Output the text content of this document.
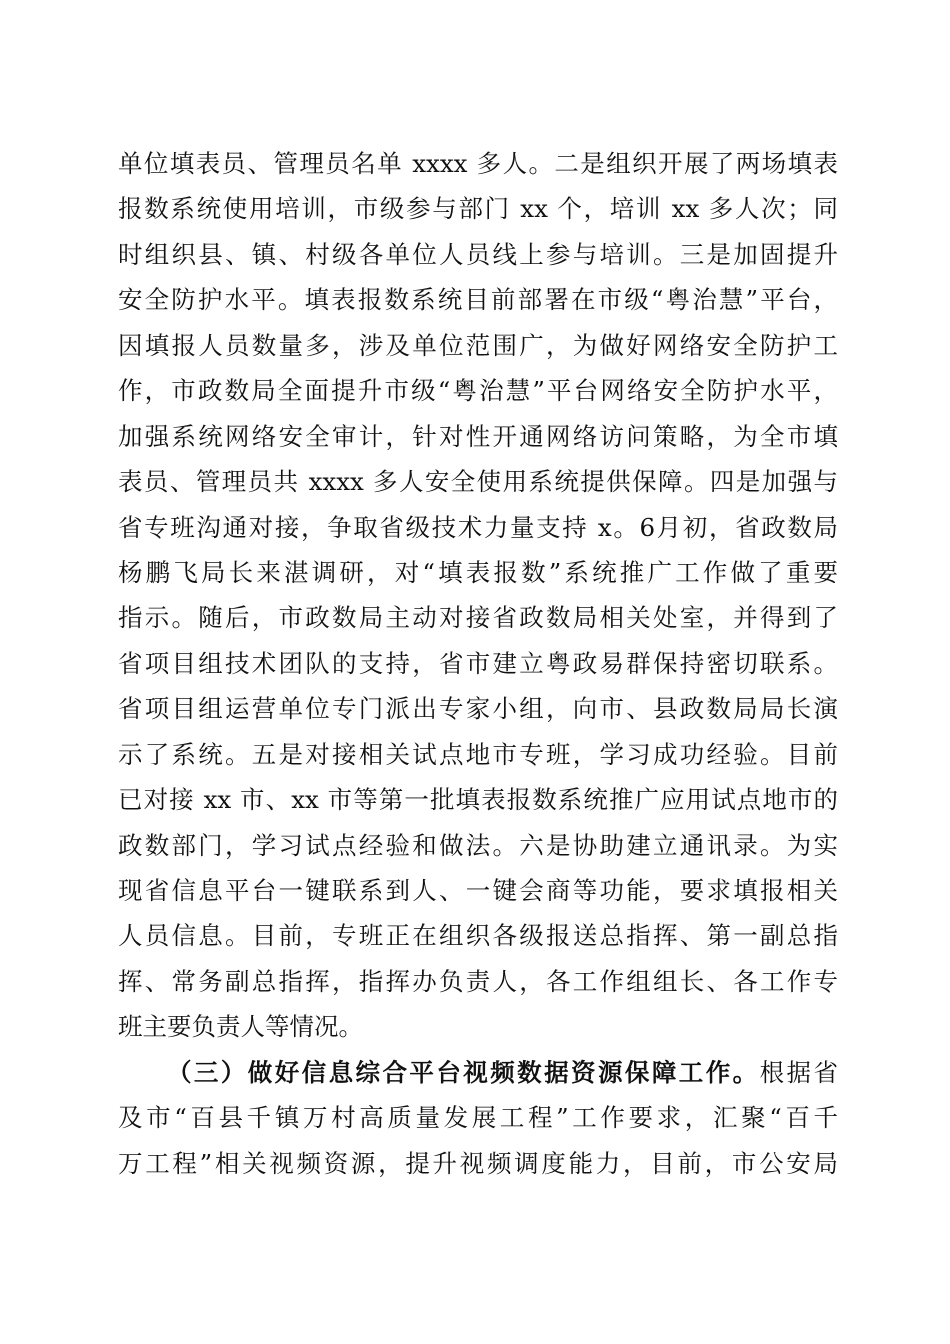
单位填表员、管理员名单 xxxx 多人。二是组织开展了两场填表
报数系统使用培训，市级参与部门 xx 个，培训 xx 多人次；同
时组织县、镇、村级各单位人员线上参与培训。三是加固提升
安全防护水平。填表报数系统目前部署在市级“粤治慧”平台，
因填报人员数量多，涉及单位范围广，为做好网络安全防护工
作，市政数局全面提升市级“粤治慧”平台网络安全防护水平，
加强系统网络安全审计，针对性开通网络访问策略，为全市填
表员、管理员共 xxxx 多人安全使用系统提供保障。四是加强与
省专班沟通对接，争取省级技术力量支持 x。6月初，省政数局
杨鹏飞局长来湛调研，对“填表报数”系统推广工作做了重要
指示。随后，市政数局主动对接省政数局相关处室，并得到了
省项目组技术团队的支持，省市建立粤政易群保持密切联系。
省项目组运营单位专门派出专家小组，向市、县政数局局长演
示了系统。五是对接相关试点地市专班，学习成功经验。目前
已对接 xx 市、xx 市等第一批填表报数系统推广应用试点地市的
政数部门，学习试点经验和做法。六是协助建立通讯录。为实
现省信息平台一键联系到人、一键会商等功能，要求填报相关
人员信息。目前，专班正在组织各级报送总指挥、第一副总指
挥、常务副总指挥，指挥办负责人，各工作组组长、各工作专
班主要负责人等情况。
（三）做好信息综合平台视频数据资源保障工作。根据省
及市“百县千镇万村高质量发展工程”工作要求，汇聚“百千
万工程”相关视频资源，提升视频调度能力，目前，市公安局
